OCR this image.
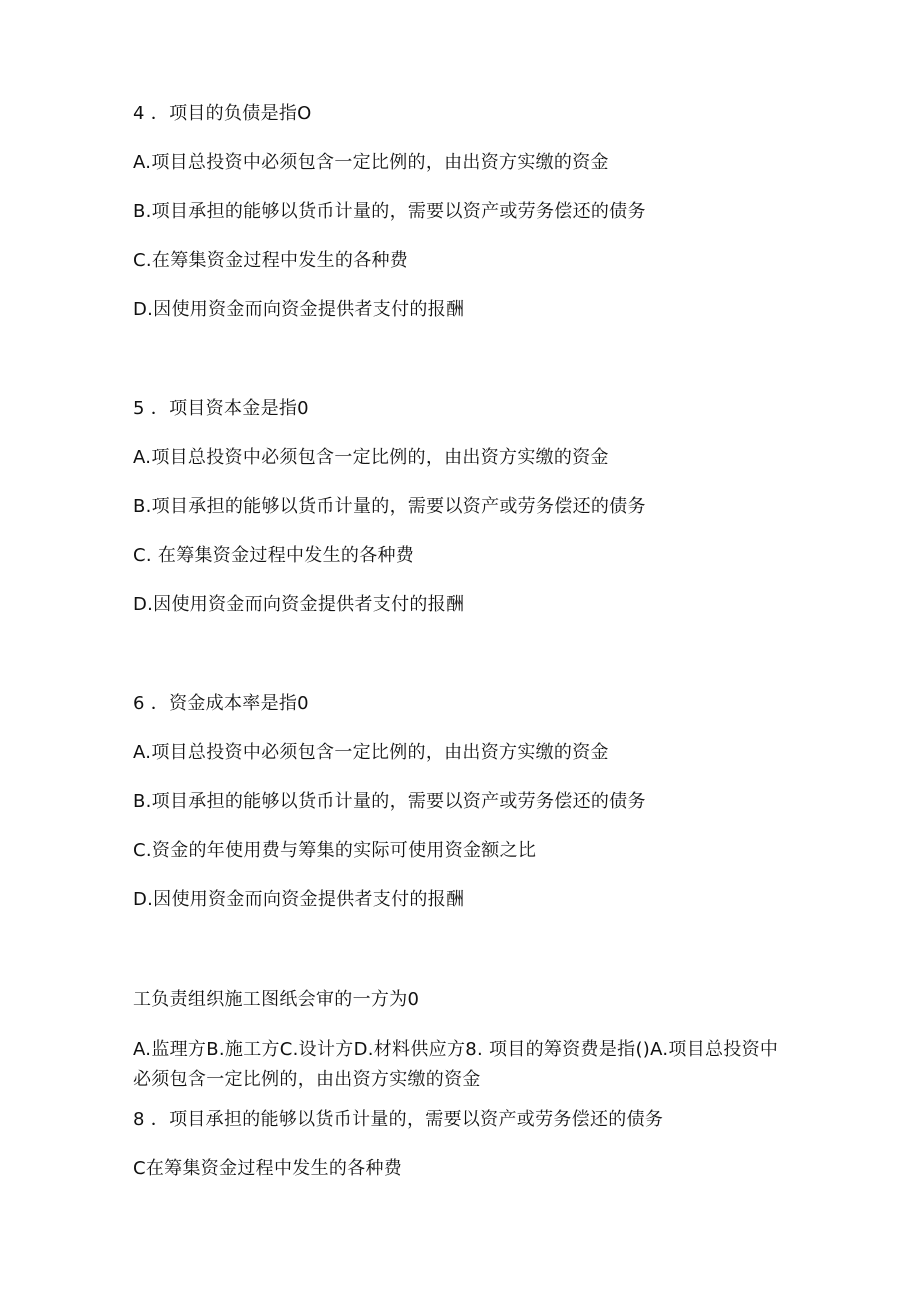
4 ．项目的负债是指O
A.项目总投资中必须包含一定比例的，由出资方实缴的资金
B.项目承担的能够以货币计量的，需要以资产或劳务偿还的债务
C.在筹集资金过程中发生的各种费
D.因使用资金而向资金提供者支付的报酬
5 ．项目资本金是指0
A.项目总投资中必须包含一定比例的，由出资方实缴的资金
B.项目承担的能够以货币计量的，需要以资产或劳务偿还的债务
C. 在筹集资金过程中发生的各种费
D.因使用资金而向资金提供者支付的报酬
6 ．资金成本率是指0
A.项目总投资中必须包含一定比例的，由出资方实缴的资金
B.项目承担的能够以货币计量的，需要以资产或劳务偿还的债务
C.资金的年使用费与筹集的实际可使用资金额之比
D.因使用资金而向资金提供者支付的报酬
工负责组织施工图纸会审的一方为0
A.监理方B.施工方C.设计方D.材料供应方8. 项目的筹资费是指()A.项目总投资中必须包含一定比例的，由出资方实缴的资金
8 ．项目承担的能够以货币计量的，需要以资产或劳务偿还的债务
C在筹集资金过程中发生的各种费
